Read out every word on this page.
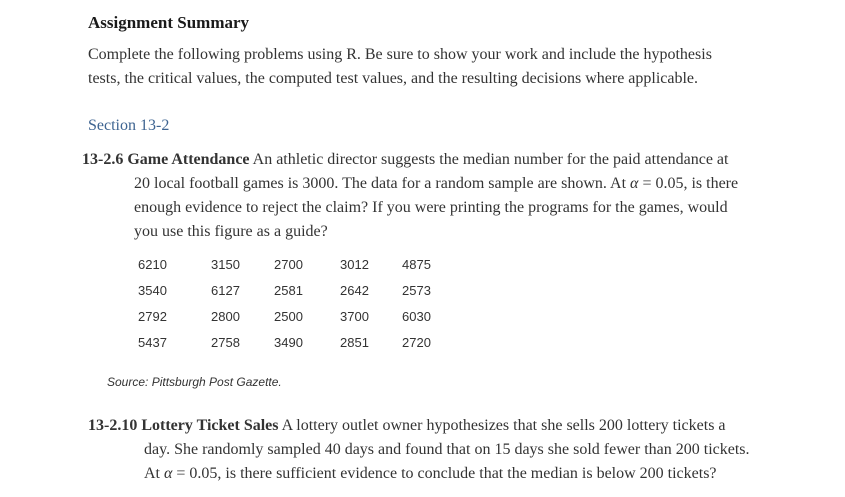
Assignment Summary
Complete the following problems using R. Be sure to show your work and include the hypothesis
tests, the critical values, the computed test values, and the resulting decisions where applicable.
Section 13-2
13-2.6 Game Attendance An athletic director suggests the median number for the paid attendance at
20 local football games is 3000. The data for a random sample are shown. At α = 0.05, is there
enough evidence to reject the claim? If you were printing the programs for the games, would
you use this figure as a guide?
6210	3150	2700	3012	4875
3540	6127	2581	2642	2573
2792	2800	2500	3700	6030
5437	2758	3490	2851	2720
Source: Pittsburgh Post Gazette.
13-2.10 Lottery Ticket Sales A lottery outlet owner hypothesizes that she sells 200 lottery tickets a
day. She randomly sampled 40 days and found that on 15 days she sold fewer than 200 tickets.
At α = 0.05, is there sufficient evidence to conclude that the median is below 200 tickets?
